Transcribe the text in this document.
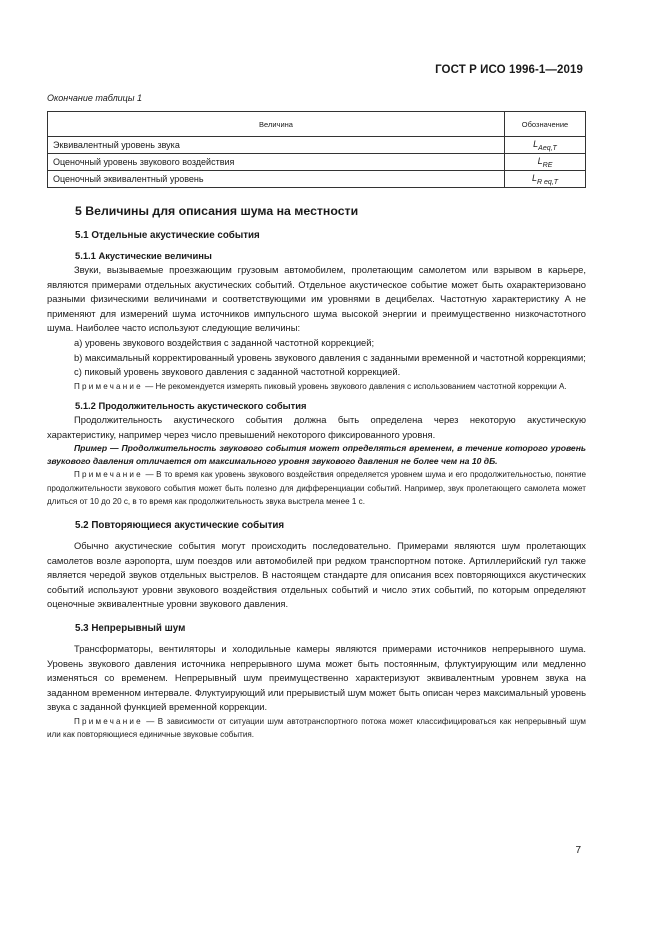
ГОСТ Р ИСО 1996-1—2019
Окончание таблицы 1
Величина	Обозначение
Эквивалентный уровень звука	$L_{Aeq,T}$
Оценочный уровень звукового воздействия	$L_{RE}$
Оценочный эквивалентный уровень	$L_{R eq,T}$
5 Величины для описания шума на местности
5.1 Отдельные акустические события
5.1.1 Акустические величины

Звуки, вызываемые проезжающим грузовым автомобилем, пролетающим самолетом или взрывом в карьере, являются примерами отдельных акустических событий. Отдельное акустическое событие может быть охарактеризовано разными физическими величинами и соответствующими им уровнями в децибелах. Частотную характеристику A не применяют для измерений шума источников импульсного шума высокой энергии и преимущественно низкочастотного шума. Наиболее часто используют следующие величины:

а) уровень звукового воздействия с заданной частотной коррекцией;

b) максимальный корректированный уровень звукового давления с заданными временной и частотной коррекциями;

с) пиковый уровень звукового давления с заданной частотной коррекцией.

Примечание — Не рекомендуется измерять пиковый уровень звукового давления с использованием частотной коррекции A.

5.1.2 Продолжительность акустического события

Продолжительность акустического события должна быть определена через некоторую акустическую характеристику, например через число превышений некоторого фиксированного уровня.

Пример — Продолжительность звукового события может определяться временем, в течение которого уровень звукового давления отличается от максимального уровня звукового давления не более чем на 10 дБ.

Примечание — В то время как уровень звукового воздействия определяется уровнем шума и его продолжительностью, понятие продолжительности звукового события может быть полезно для дифференциации событий. Например, звук пролетающего самолета может длиться от 10 до 20 с, в то время как продолжительность звука выстрела менее 1 с.

5.2 Повторяющиеся акустические события

Обычно акустические события могут происходить последовательно. Примерами являются шум пролетающих самолетов возле аэропорта, шум поездов или автомобилей при редком транспортном потоке. Артиллерийский гул также является чередой звуков отдельных выстрелов. В настоящем стандарте для описания всех повторяющихся акустических событий используют уровни звукового воздействия отдельных событий и число этих событий, по которым определяют оценочные эквивалентные уровни звукового давления.

5.3 Непрерывный шум

Трансформаторы, вентиляторы и холодильные камеры являются примерами источников непрерывного шума. Уровень звукового давления источника непрерывного шума может быть постоянным, флуктуирующим или медленно изменяться со временем. Непрерывный шум преимущественно характеризуют эквивалентным уровнем звука на заданном временном интервале. Флуктуирующий или прерывистый шум может быть описан через максимальный уровень звука с заданной функцией временной коррекции.

Примечание — В зависимости от ситуации шум автотранспортного потока может классифицироваться как непрерывный шум или как повторяющиеся единичные звуковые события.

7
